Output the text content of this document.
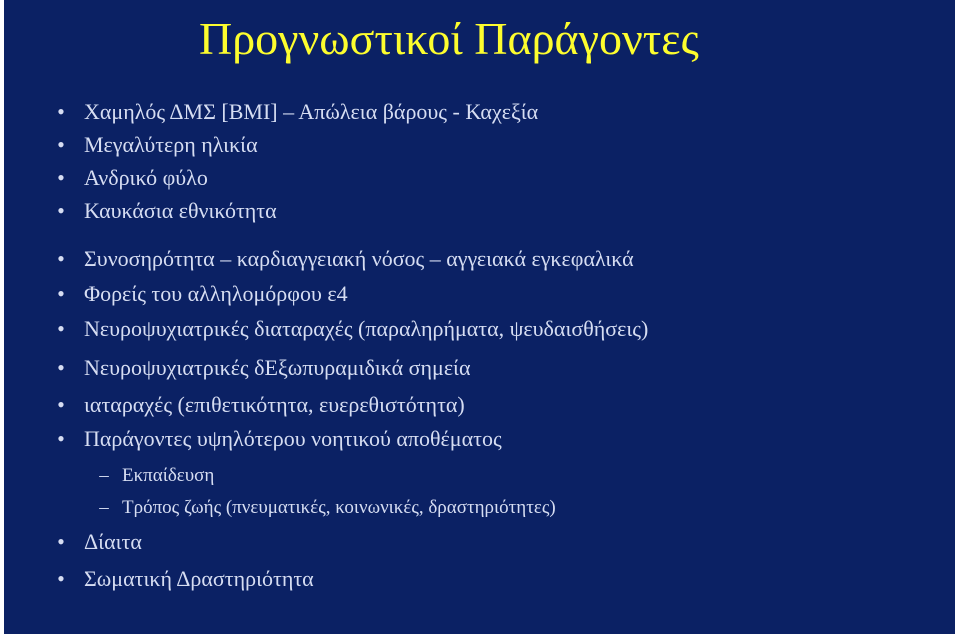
Προγνωστικοί Παράγοντες
• Χαμηλός ΔΜΣ [BMI] – Απώλεια βάρους - Καχεξία
• Μεγαλύτερη ηλικία
• Ανδρικό φύλο
• Καυκάσια εθνικότητα
• Συνοσηρότητα – καρδιαγγειακή νόσος – αγγειακά εγκεφαλικά
• Φορείς του αλληλομόρφου ε4
• Νευροψυχιατρικές διαταραχές (παραληρήματα, ψευδαισθήσεις)
• Νευροψυχιατρικές δΕξωπυραμιδικά σημεία
• ιαταραχές (επιθετικότητα, ευερεθιστότητα)
• Παράγοντες υψηλότερου νοητικού αποθέματος
– Εκπαίδευση
– Τρόπος ζωής (πνευματικές, κοινωνικές, δραστηριότητες)
• Δίαιτα
• Σωματική Δραστηριότητα
